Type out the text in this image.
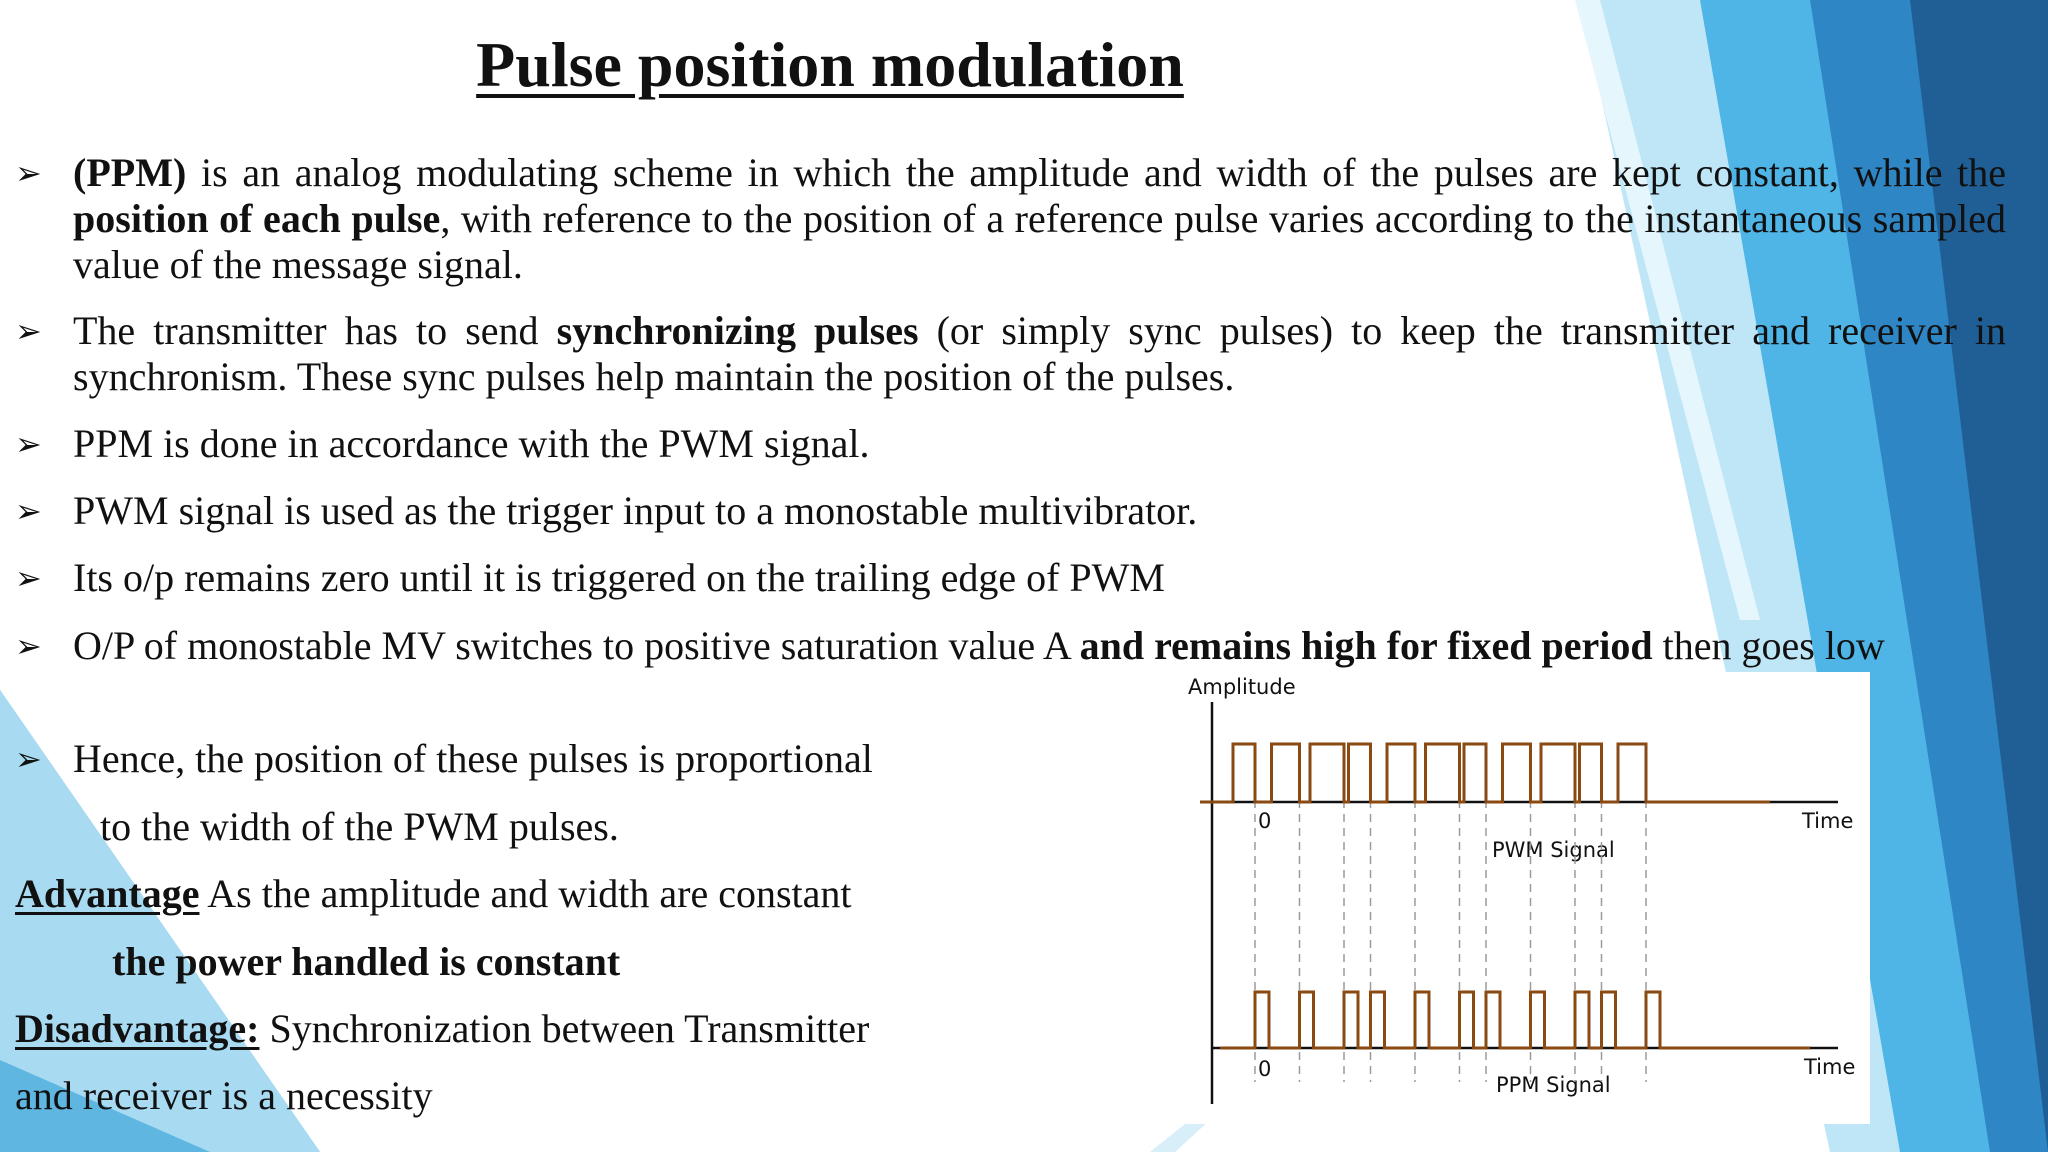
Pulse position modulation
➢ (PPM) is an analog modulating scheme in which the amplitude and width of the pulses are kept constant, while the position of each pulse, with reference to the position of a reference pulse varies according to the instantaneous sampled value of the message signal.
➢ The transmitter has to send synchronizing pulses (or simply sync pulses) to keep the transmitter and receiver in synchronism. These sync pulses help maintain the position of the pulses.
➢ PPM is done in accordance with the PWM signal.
➢ PWM signal is used as the trigger input to a monostable multivibrator.
➢ Its o/p remains zero until it is triggered on the trailing edge of PWM
➢ O/P of monostable MV switches to positive saturation value A and remains high for fixed period then goes low
➢ Hence, the position of these pulses is proportional
to the width of the PWM pulses.
Advantage As the amplitude and width are constant
the power handled is constant
Disadvantage: Synchronization between Transmitter
and receiver is a necessity
Amplitude
0
0
Time
Time
PWM Signal
PPM Signal
